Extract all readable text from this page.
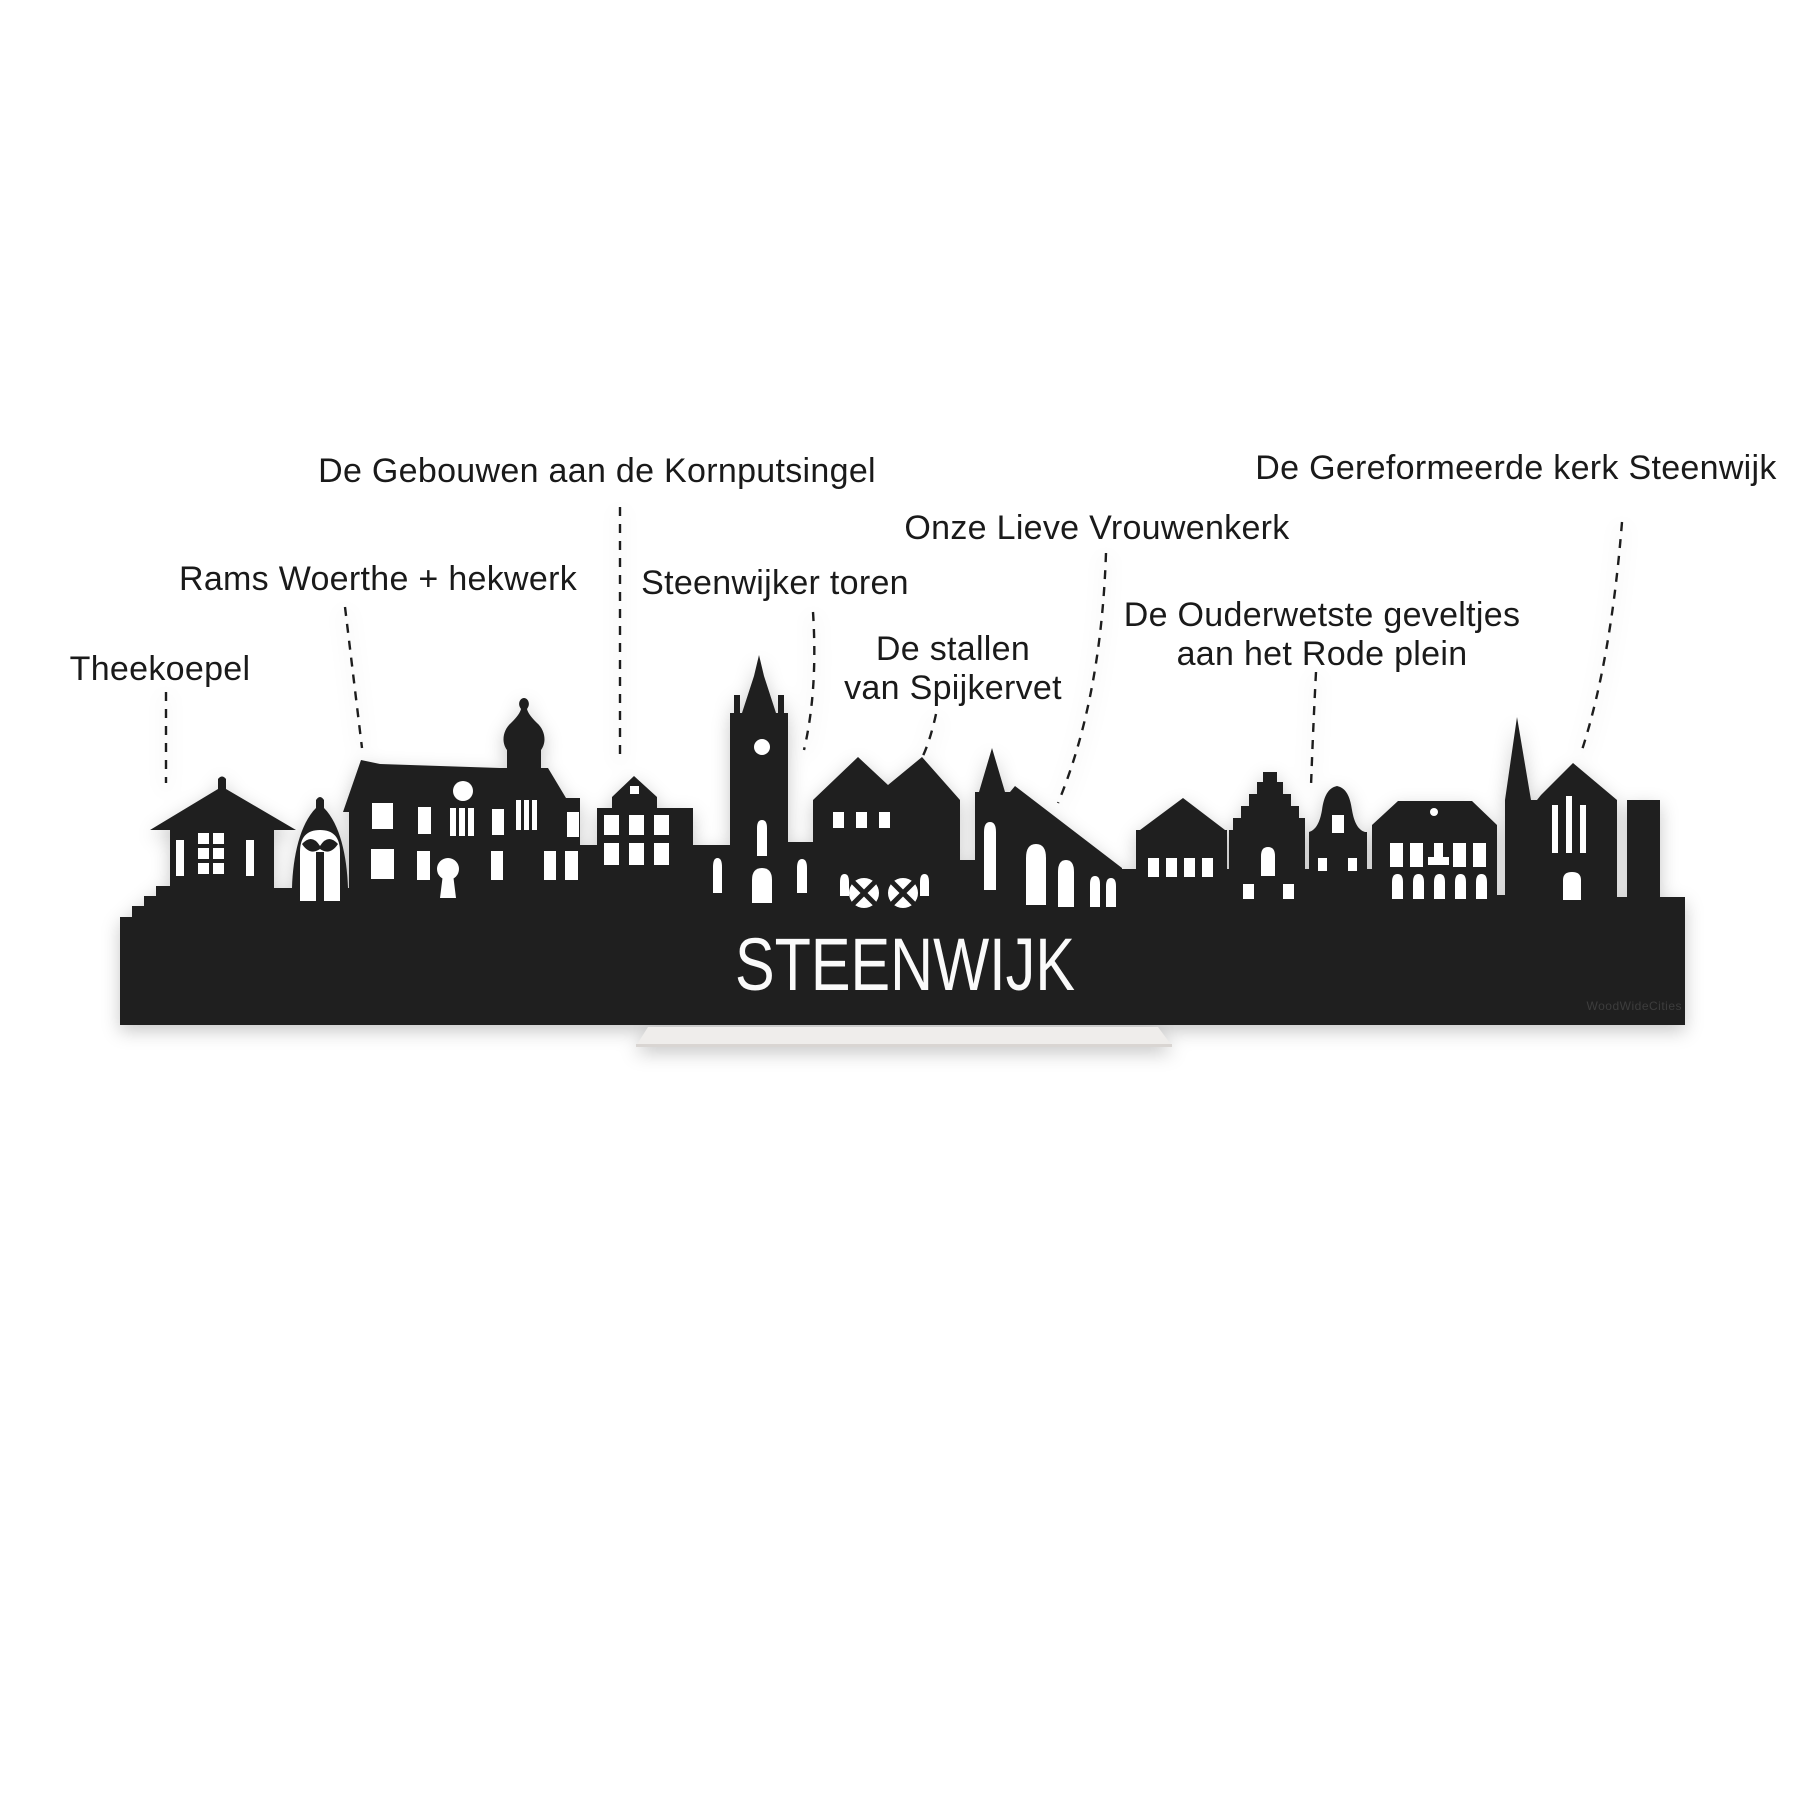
Theekoepel
Rams Woerthe + hekwerk
De Gebouwen aan de Kornputsingel
Steenwijker toren
De stallen
van Spijkervet
Onze Lieve Vrouwenkerk
De Ouderwetste geveltjes
aan het Rode plein
De Gereformeerde kerk Steenwijk
STEENWIJK	WoodWideCities
